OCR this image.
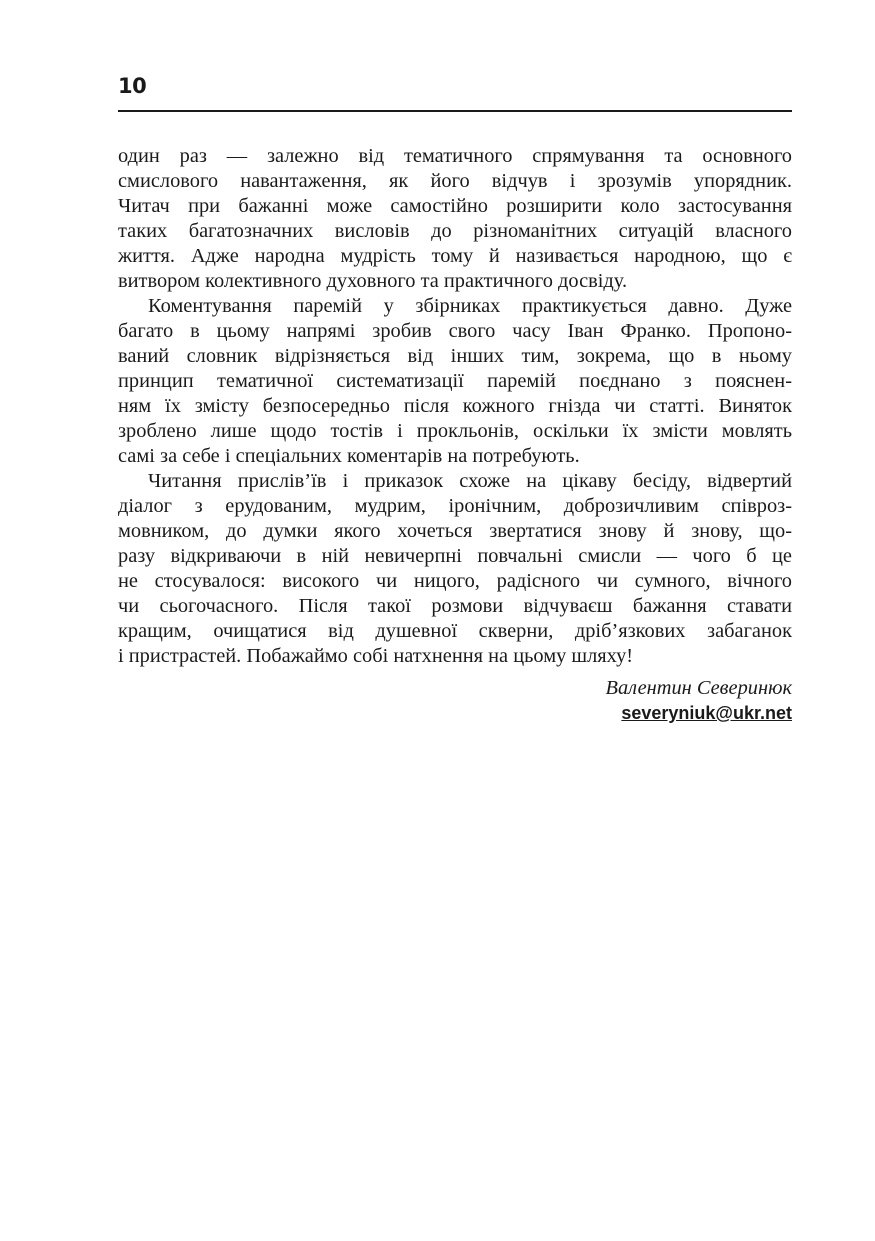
10
один раз — залежно від тематичного спрямування та основного
смислового навантаження, як його відчув і зрозумів упорядник.
Читач при бажанні може самостійно розширити коло застосування
таких багатозначних висловів до різноманітних ситуацій власного
життя. Адже народна мудрість тому й називається народною, що є
витвором колективного духовного та практичного досвіду.
Коментування паремій у збірниках практикується давно. Дуже
багато в цьому напрямі зробив свого часу Іван Франко. Пропоно-
ваний словник відрізняється від інших тим, зокрема, що в ньому
принцип тематичної систематизації паремій поєднано з пояснен-
ням їх змісту безпосередньо після кожного гнізда чи статті. Виняток
зроблено лише щодо тостів і прокльонів, оскільки їх змісти мовлять
самі за себе і спеціальних коментарів на потребують.
Читання прислів’їв і приказок схоже на цікаву бесіду, відвертий
діалог з ерудованим, мудрим, іронічним, доброзичливим співроз-
мовником, до думки якого хочеться звертатися знову й знову, що-
разу відкриваючи в ній невичерпні повчальні смисли — чого б це
не стосувалося: високого чи ницого, радісного чи сумного, вічного
чи сьогочасного. Після такої розмови відчуваєш бажання ставати
кращим, очищатися від душевної скверни, дріб’язкових забаганок
і пристрастей. Побажаймо собі натхнення на цьому шляху!
Валентин Северинюк
severyniuk@ukr.net
